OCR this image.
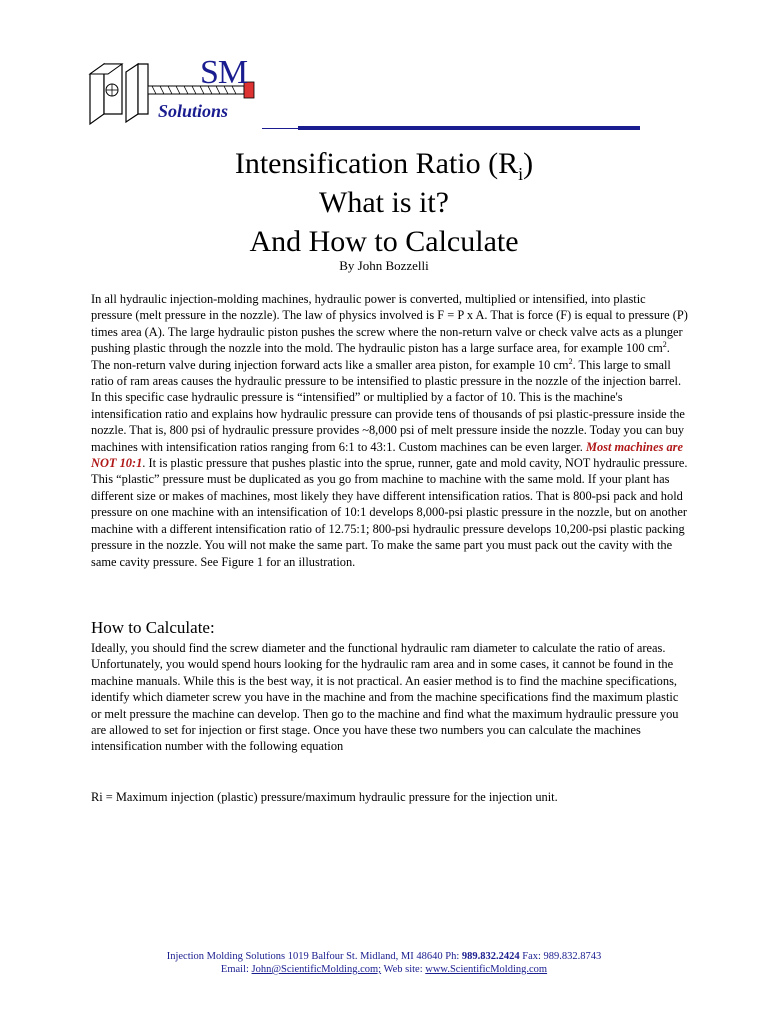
SM
Solutions
Intensification Ratio $(R_i)$
What is it?
And How to Calculate
By John Bozzelli
In all hydraulic injection-molding machines, hydraulic power is converted, multiplied or intensified, into plastic pressure (melt pressure in the nozzle). The law of physics involved is F = P x A. That is force (F) is equal to pressure (P) times area (A). The large hydraulic piston pushes the screw where the non-return valve or check valve acts as a plunger pushing plastic through the nozzle into the mold. The hydraulic piston has a large surface area, for example 100 $cm^2$. The non-return valve during injection forward acts like a smaller area piston, for example 10 $cm^2$. This large to small ratio of ram areas causes the hydraulic pressure to be intensified to plastic pressure in the nozzle of the injection barrel. In this specific case hydraulic pressure is “intensified” or multiplied by a factor of 10. This is the machine's intensification ratio and explains how hydraulic pressure can provide tens of thousands of psi plastic-pressure inside the nozzle. That is, 800 psi of hydraulic pressure provides ~8,000 psi of melt pressure inside the nozzle. Today you can buy machines with intensification ratios ranging from 6:1 to 43:1. Custom machines can be even larger. Most machines are NOT 10:1. It is plastic pressure that pushes plastic into the sprue, runner, gate and mold cavity, NOT hydraulic pressure. This “plastic” pressure must be duplicated as you go from machine to machine with the same mold. If your plant has different size or makes of machines, most likely they have different intensification ratios. That is 800-psi pack and hold pressure on one machine with an intensification of 10:1 develops 8,000-psi plastic pressure in the nozzle, but on another machine with a different intensification ratio of 12.75:1; 800-psi hydraulic pressure develops 10,200-psi plastic packing pressure in the nozzle. You will not make the same part. To make the same part you must pack out the cavity with the same cavity pressure. See Figure 1 for an illustration.
How to Calculate:
Ideally, you should find the screw diameter and the functional hydraulic ram diameter to calculate the ratio of areas. Unfortunately, you would spend hours looking for the hydraulic ram area and in some cases, it cannot be found in the machine manuals. While this is the best way, it is not practical. An easier method is to find the machine specifications, identify which diameter screw you have in the machine and from the machine specifications find the maximum plastic or melt pressure the machine can develop. Then go to the machine and find what the maximum hydraulic pressure you are allowed to set for injection or first stage. Once you have these two numbers you can calculate the machines intensification number with the following equation
Ri = Maximum injection (plastic) pressure/maximum hydraulic pressure for the injection unit.
Injection Molding Solutions 1019 Balfour St. Midland, MI 48640 Ph: 989.832.2424 Fax: 989.832.8743
Email: John@ScientificMolding.com; Web site: www.ScientificMolding.com
